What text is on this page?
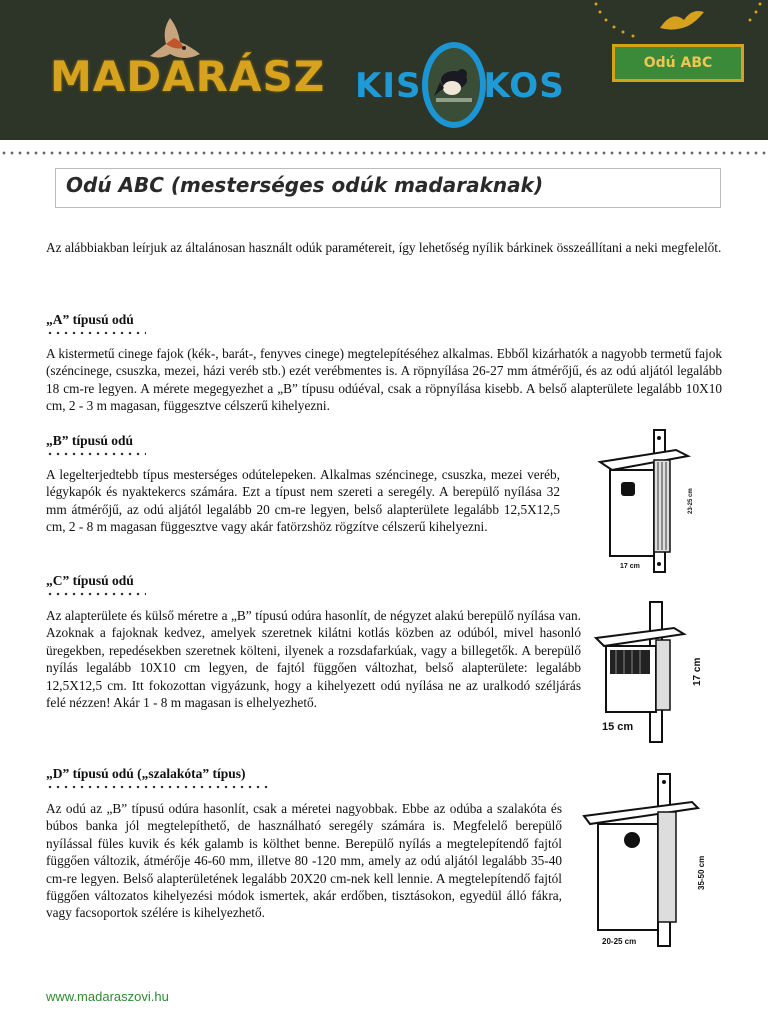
MADARÁSZ KIS KOS
Odú ABC
Odú ABC (mesterséges odúk madaraknak)

Az alábbiakban leírjuk az általánosan használt odúk paramétereit, így lehetőség nyílik bárkinek összeállítani a neki megfelelőt.

„A” típusú odú

A kistermetű cinege fajok (kék-, barát-, fenyves cinege) megtelepítéséhez alkalmas. Ebből kizárhatók a nagyobb termetű fajok (széncinege, csuszka, mezei, házi veréb stb.) ezét verébmentes is. A röpnyílása 26-27 mm átmérőjű, és az odú aljától legalább 18 cm-re legyen. A mérete megegyezhet a „B” típusu odúéval, csak a röpnyílása kisebb. A belső alapterülete legalább 10X10 cm, 2 - 3 m magasan, függesztve célszerű kihelyezni.

„B” típusú odú

A legelterjedtebb típus mesterséges odútelepeken. Alkalmas széncinege, csuszka, mezei veréb, légykapók és nyaktekercs számára. Ezt a típust nem szereti a seregély. A berepülő nyílása 32 mm átmérőjű, az odú aljától legalább 20 cm-re legyen, belső alapterülete legalább 12,5X12,5 cm, 2 - 8 m magasan függesztve vagy akár fatörzshöz rögzítve célszerű kihelyezni.

17 cm
23-25 cm
„C” típusú odú

Az alapterülete és külső méretre a „B” típusú odúra hasonlít, de négyzet alakú berepülő nyílása van. Azoknak a fajoknak kedvez, amelyek szeretnek kilátni kotlás közben az odúból, mivel hasonló üregekben, repedésekben szeretnek költeni, ilyenek a rozsdafarkúak, vagy a billegetők. A berepülő nyílás legalább 10X10 cm legyen, de fajtól függően változhat, belső alapterülete: legalább 12,5X12,5 cm. Itt fokozottan vigyázunk, hogy a kihelyezett odú nyílása ne az uralkodó széljárás felé nézzen! Akár 1 - 8 m magasan is elhelyezhető.

15 cm
17 cm
„D” típusú odú („szalakóta” típus)

Az odú az „B” típusú odúra hasonlít, csak a méretei nagyobbak. Ebbe az odúba a szalakóta és búbos banka jól megtelepíthető, de használható seregély számára is. Megfelelő berepülő nyílással füles kuvik és kék galamb is költhet benne. Berepülő nyílás a megtelepítendő fajtól függően változik, átmérője 46-60 mm, illetve 80 -120 mm, amely az odú aljától legalább 35-40 cm-re legyen. Belső alapterületének legalább 20X20 cm-nek kell lennie. A megtelepítendő fajtól függően változatos kihelyezési módok ismertek, akár erdőben, tisztásokon, egyedül álló fákra, vagy facsoportok szélére is kihelyezhető.

20-25 cm
35-50 cm
www.madaraszovi.hu
